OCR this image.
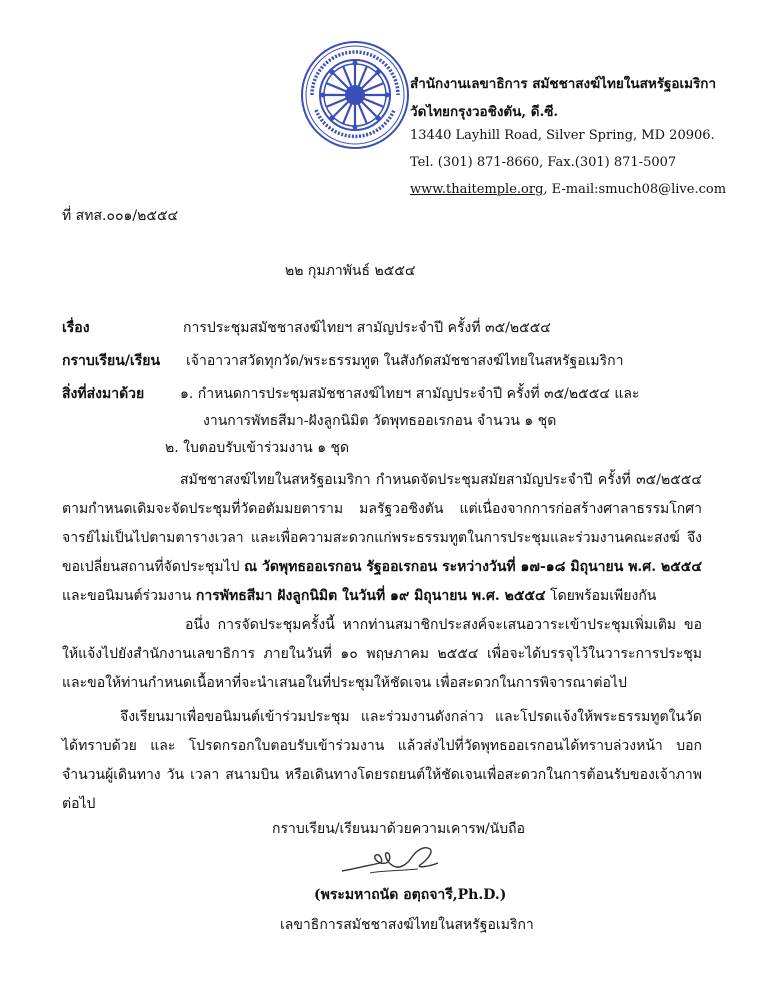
สำนักงานเลขาธิการ สมัชชาสงฆ์ไทยในสหรัฐอเมริกา
วัดไทยกรุงวอชิงตัน, ดี.ซี.
13440 Layhill Road, Silver Spring, MD 20906.
Tel. (301) 871-8660, Fax.(301) 871-5007
www.thaitemple.org, E-mail:smuch08@live.com
ที่ สทส.๐๐๑/๒๕๕๔
๒๒ กุมภาพันธ์ ๒๕๕๔
เรื่อง	การประชุมสมัชชาสงฆ์ไทยฯ สามัญประจำปี ครั้งที่ ๓๕/๒๕๕๔
กราบเรียน/เรียน เจ้าอาวาสวัดทุกวัด/พระธรรมทูต ในสังกัดสมัชชาสงฆ์ไทยในสหรัฐอเมริกา
สิ่งที่ส่งมาด้วย	๑. กำหนดการประชุมสมัชชาสงฆ์ไทยฯ สามัญประจำปี ครั้งที่ ๓๕/๒๕๕๔ และ
งานการพัทธสีมา-ฝังลูกนิมิต วัดพุทธออเรกอน จำนวน ๑ ชุด
๒. ใบตอบรับเข้าร่วมงาน ๑ ชุด
สมัชชาสงฆ์ไทยในสหรัฐอเมริกา กำหนดจัดประชุมสมัยสามัญประจำปี ครั้งที่ ๓๕/๒๕๕๔ ตามกำหนดเดิมจะจัดประชุมที่วัดอตัมมยตาราม มลรัฐวอชิงตัน แต่เนื่องจากการก่อสร้างศาลาธรรมโกศาจารย์ไม่เป็นไปตามตารางเวลา และเพื่อความสะดวกแก่พระธรรมทูตในการประชุมและร่วมงานคณะสงฆ์ จึงขอเปลี่ยนสถานที่จัดประชุมไป ณ วัดพุทธออเรกอน รัฐออเรกอน ระหว่างวันที่ ๑๗-๑๘ มิถุนายน พ.ศ. ๒๕๕๔ และขอนิมนต์ร่วมงาน การพัทธสีมา ฝังลูกนิมิต ในวันที่ ๑๙ มิถุนายน พ.ศ. ๒๕๕๔ โดยพร้อมเพียงกัน
อนึ่ง การจัดประชุมครั้งนี้ หากท่านสมาชิกประสงค์จะเสนอวาระเข้าประชุมเพิ่มเติม ขอให้แจ้งไปยังสำนักงานเลขาธิการ ภายในวันที่ ๑๐ พฤษภาคม ๒๕๕๔ เพื่อจะได้บรรจุไว้ในวาระการประชุม และขอให้ท่านกำหนดเนื้อหาที่จะนำเสนอในที่ประชุมให้ชัดเจน เพื่อสะดวกในการพิจารณาต่อไป
จึงเรียนมาเพื่อขอนิมนต์เข้าร่วมประชุม และร่วมงานดังกล่าว และโปรดแจ้งให้พระธรรมทูตในวัดได้ทราบด้วย และ โปรดกรอกใบตอบรับเข้าร่วมงาน แล้วส่งไปที่วัดพุทธออเรกอนได้ทราบล่วงหน้า บอกจำนวนผู้เดินทาง วัน เวลา สนามบิน หรือเดินทางโดยรถยนต์ให้ชัดเจนเพื่อสะดวกในการต้อนรับของเจ้าภาพต่อไป
กราบเรียน/เรียนมาด้วยความเคารพ/นับถือ
(พระมหาถนัด อตฺถจารี,Ph.D.)
เลขาธิการสมัชชาสงฆ์ไทยในสหรัฐอเมริกา
